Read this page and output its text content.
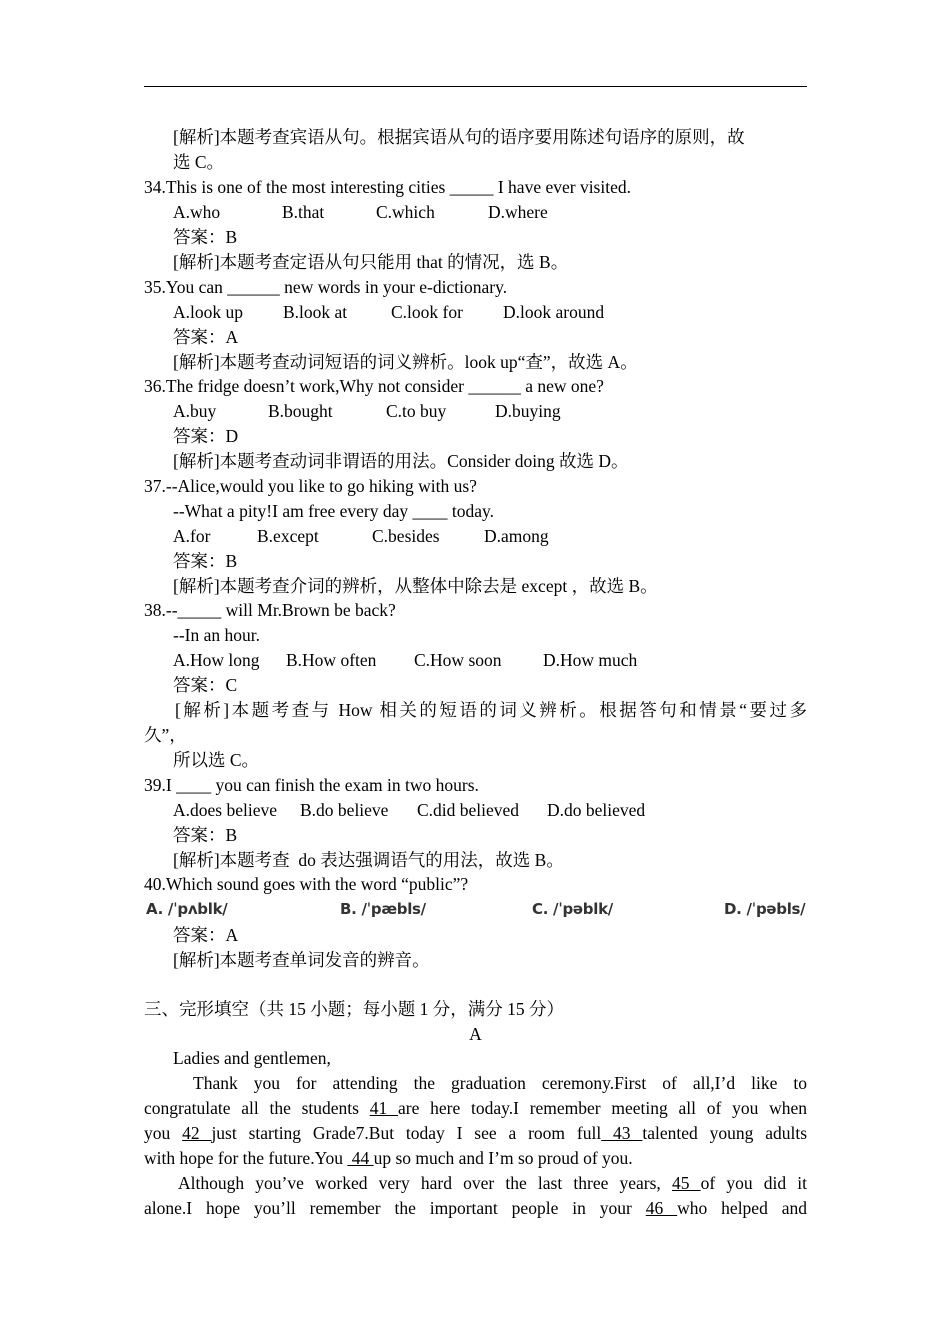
[解析]本题考查宾语从句。根据宾语从句的语序要用陈述句语序的原则，故
选 C。
34.This is one of the most interesting cities _____ I have ever visited.
A.who	B.that	C.which	D.where
答案：B
[解析]本题考查定语从句只能用 that 的情况，选 B。
35.You can ______ new words in your e-dictionary.
A.look up B.look at	C.look for D.look around
答案：A
[解析]本题考查动词短语的词义辨析。look up“查”，故选 A。
36.The fridge doesn’t work,Why not consider ______ a new one?
A.buy	B.bought	C.to buy	D.buying
答案：D
[解析]本题考查动词非谓语的用法。Consider doing 故选 D。
37.--Alice,would you like to go hiking with us?
--What a pity!I am free every day ____ today.
A.for	B.except	C.besides	D.among
答案：B
[解析]本题考查介词的辨析，从整体中除去是 except ，故选 B。
38.--_____ will Mr.Brown be back?
--In an hour.
A.How long B.How often C.How soon D.How much
答案：C
[解析]本题考查与 How 相关的短语的词义辨析。根据答句和情景“要过多
久”，
所以选 C。
39.I ____ you can finish the exam in two hours.
A.does believe B.do believe C.did believed D.do believed
答案：B
[解析]本题考查  do 表达强调语气的用法，故选 B。
40.Which sound goes with the word “public”?
A. /ˈpʌblk/	B. /ˈpæbls/	C. /ˈpəblk/	D. /ˈpəbls/
答案：A
[解析]本题考查单词发音的辨音。
三、完形填空（共 15 小题；每小题 1 分，满分 15 分）
A
Ladies and gentlemen,
Thank you for attending the graduation ceremony.First of all,I’d like to
congratulate all the students 41 are here today.I remember meeting all of you when
you 42 just starting Grade7.But today I see a room full 43 talented young adults
with hope for the future.You  44 up so much and I’m so proud of you.
Although you’ve worked very hard over the last three years, 45 of you did it
alone.I hope you’ll remember the important people in your 46 who helped and
